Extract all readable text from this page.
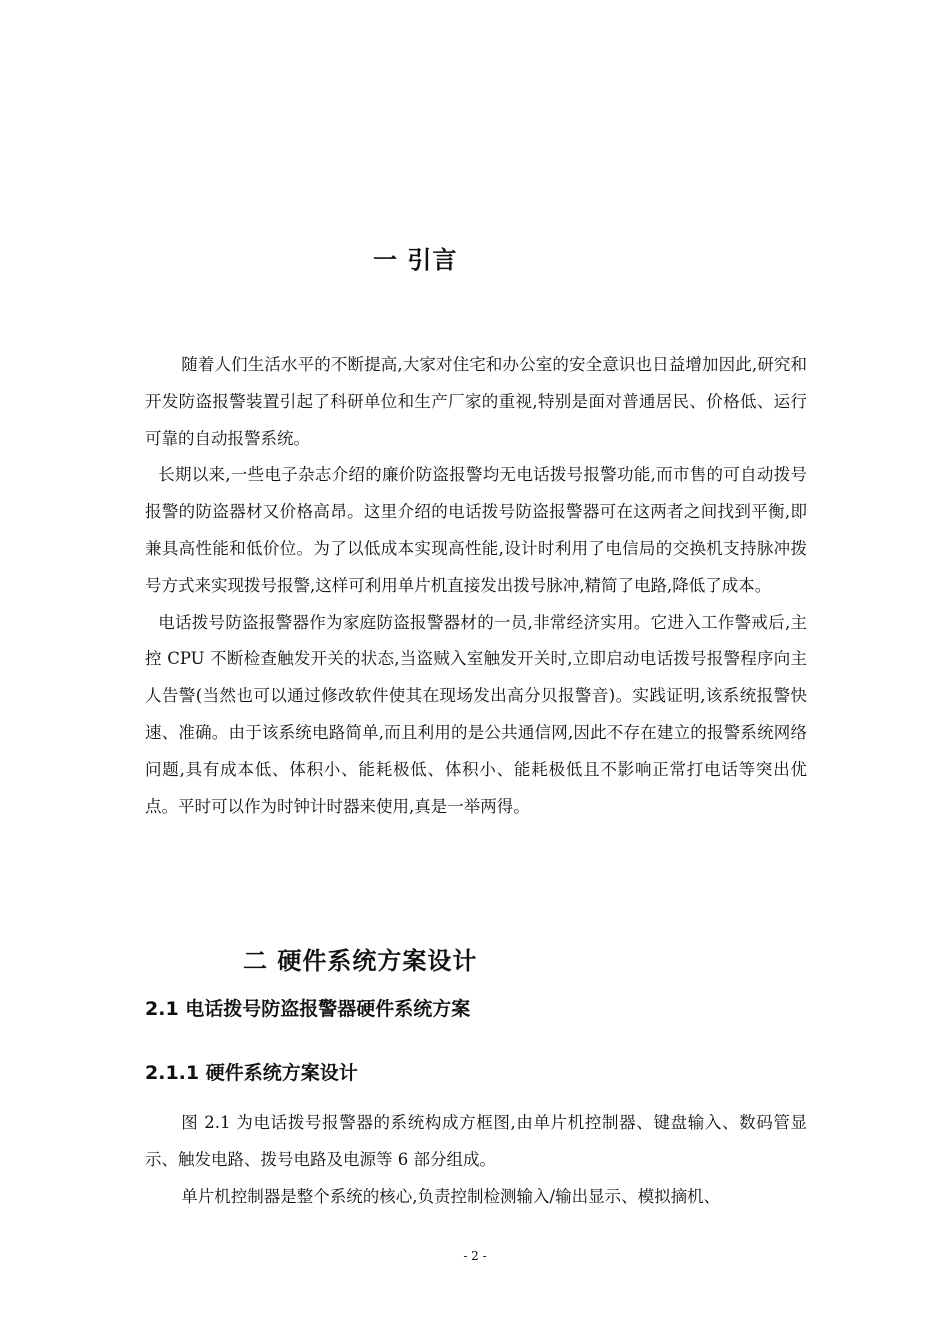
一 引言

随着人们生活水平的不断提高,大家对住宅和办公室的安全意识也日益增加因此,研究和开发防盗报警装置引起了科研单位和生产厂家的重视,特别是面对普通居民、价格低、运行可靠的自动报警系统。

长期以来,一些电子杂志介绍的廉价防盗报警均无电话拨号报警功能,而市售的可自动拨号报警的防盗器材又价格高昂。这里介绍的电话拨号防盗报警器可在这两者之间找到平衡,即兼具高性能和低价位。为了以低成本实现高性能,设计时利用了电信局的交换机支持脉冲拨号方式来实现拨号报警,这样可利用单片机直接发出拨号脉冲,精简了电路,降低了成本。

电话拨号防盗报警器作为家庭防盗报警器材的一员,非常经济实用。它进入工作警戒后,主控 CPU 不断检查触发开关的状态,当盗贼入室触发开关时,立即启动电话拨号报警程序向主人告警(当然也可以通过修改软件使其在现场发出高分贝报警音)。实践证明,该系统报警快速、准确。由于该系统电路简单,而且利用的是公共通信网,因此不存在建立的报警系统网络问题,具有成本低、体积小、能耗极低、体积小、能耗极低且不影响正常打电话等突出优点。平时可以作为时钟计时器来使用,真是一举两得。

二 硬件系统方案设计
2.1 电话拨号防盗报警器硬件系统方案
2.1.1 硬件系统方案设计

图 2.1 为电话拨号报警器的系统构成方框图,由单片机控制器、键盘输入、数码管显示、触发电路、拨号电路及电源等 6 部分组成。

单片机控制器是整个系统的核心,负责控制检测输入/输出显示、模拟摘机、

- 2 -
